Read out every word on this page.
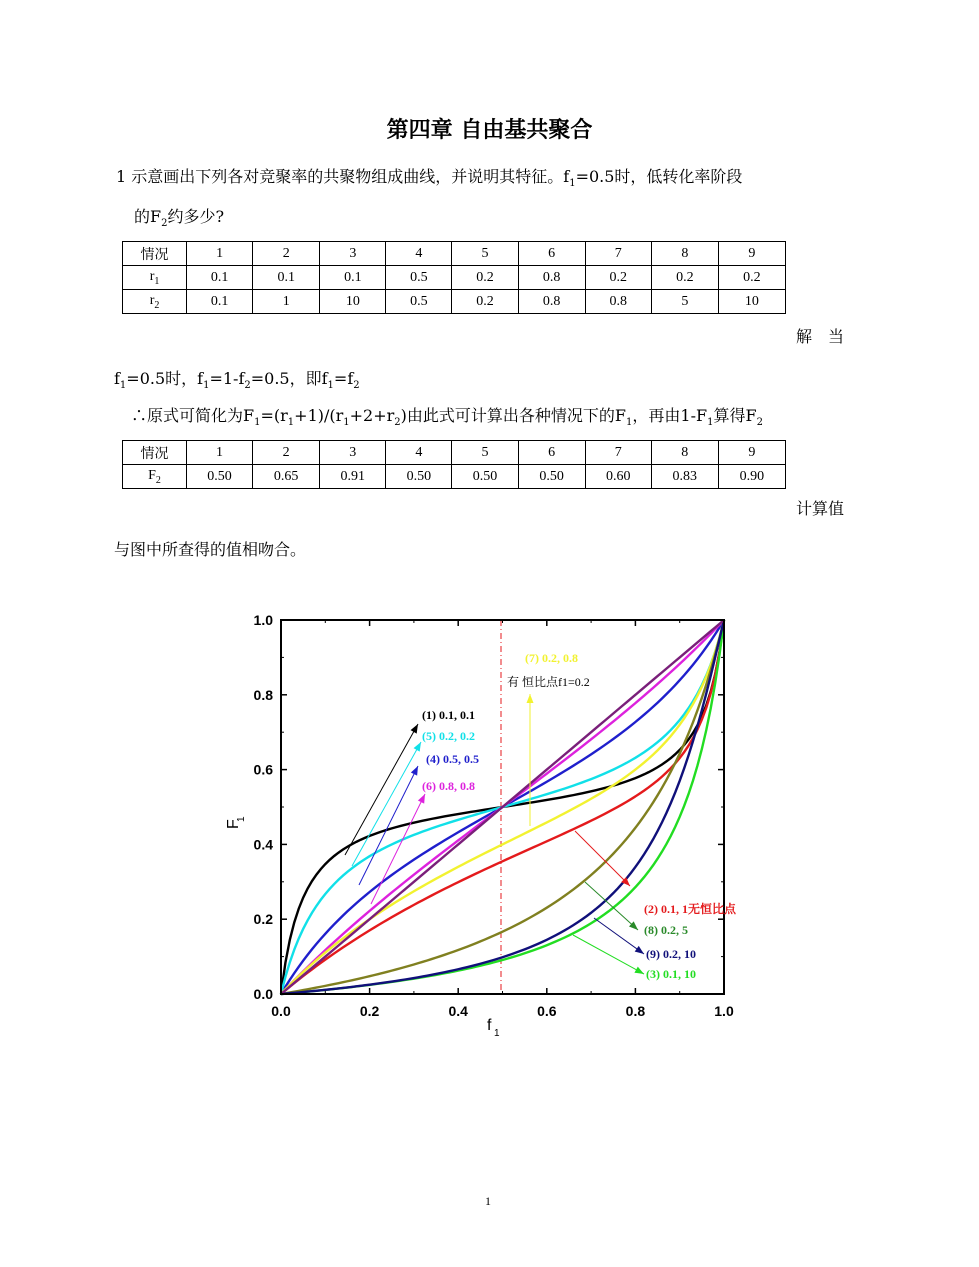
第四章 自由基共聚合
1 示意画出下列各对竞聚率的共聚物组成曲线，并说明其特征。$f_1=0.5$时，低转化率阶段
的$F_2$约多少?
情况	1	2	3	4	5	6	7	8	9
$r_1$	0.1	0.1	0.1	0.5	0.2	0.8	0.2	0.2	0.2
$r_2$	0.1	1	10	0.5	0.2	0.8	0.8	5	10
解　当
$f_1=0.5$时，$f_1=1-f_2=0.5$，即$f_1=f_2$
∴原式可简化为$F_1=(r_1+1)/(r_1+2+r_2)$由此式可计算出各种情况下的$F_1$，再由$1-F_1$算得$F_2$
情况	1	2	3	4	5	6	7	8	9
$F_2$	0.50	0.65	0.91	0.50	0.50	0.50	0.60	0.83	0.90
计算值
与图中所查得的值相吻合。
0.0	0.2	0.4	0.6	0.8	1.0
0.0
0.2
0.4
0.6
0.8
1.0
f 1
F
1
有 恒比点f1=0.2
(7) 0.2, 0.8
(1) 0.1, 0.1
(5) 0.2, 0.2
(4) 0.5, 0.5
(6) 0.8, 0.8
(2) 0.1, 1无恒比点
(8) 0.2, 5
(9) 0.2, 10
(3) 0.1, 10
1
